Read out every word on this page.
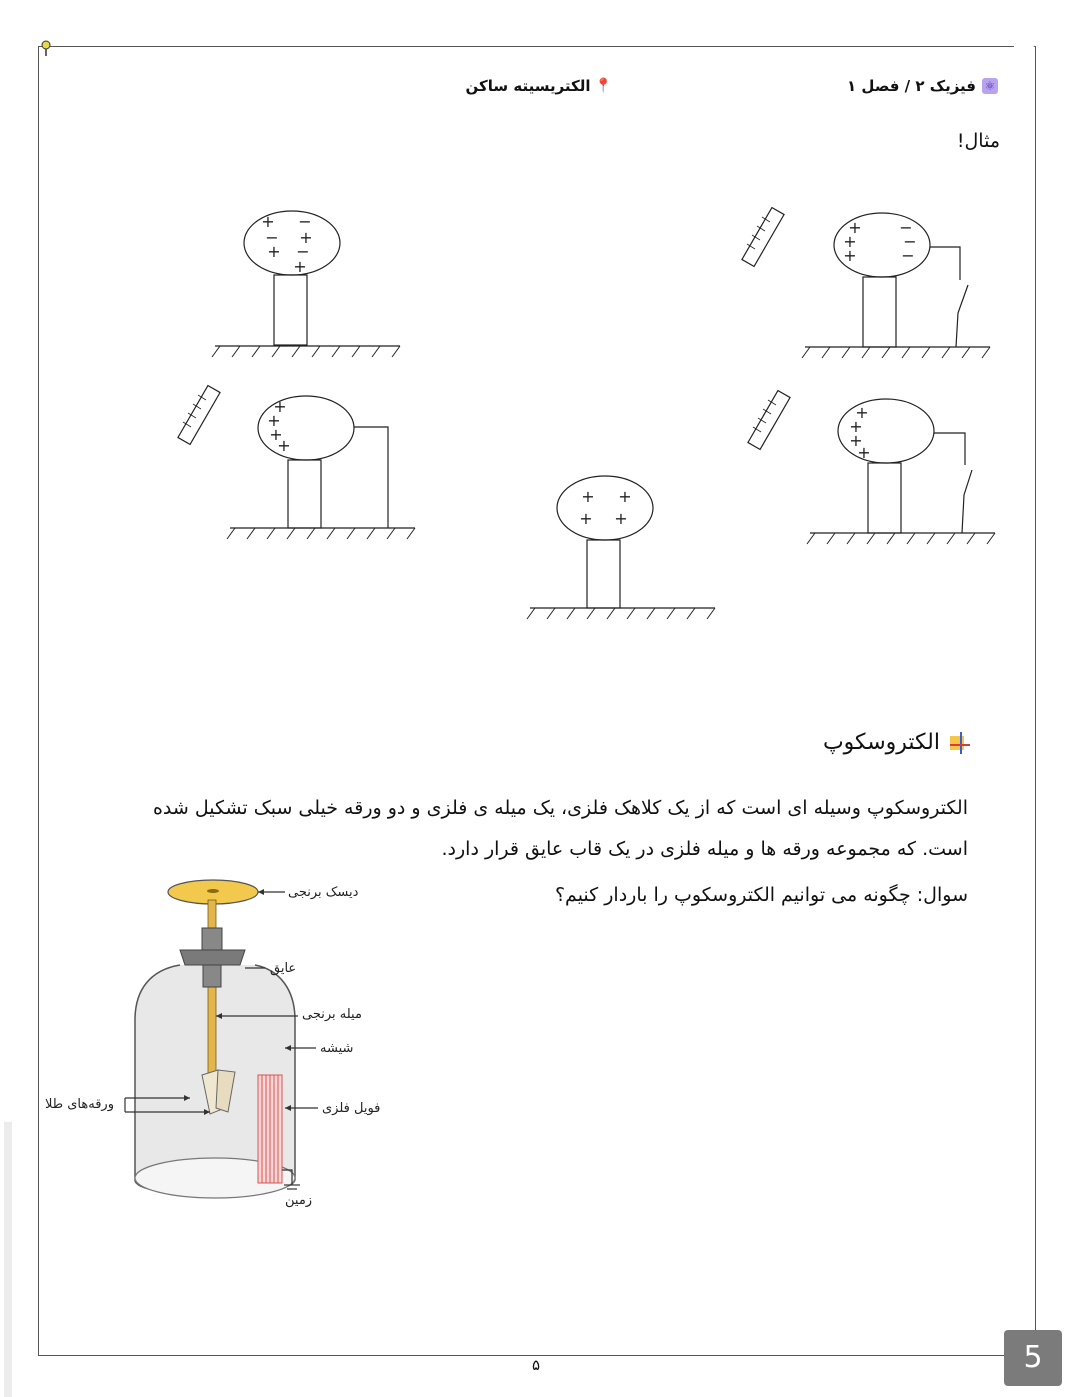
⚛
فیزیک ۲ / فصل ۱
📍
الکتریسیته ساکن
مثال!
+ −
− +
+ −
+
+
+
+
−
−
−
+
+
+
+
+ +
+ +
+
+
+
+
الکتروسکوپ
الکتروسکوپ وسیله ای است که از یک کلاهک فلزی، یک میله ی فلزی و دو ورقه خیلی سبک تشکیل شده است. که مجموعه ورقه ها و میله فلزی در یک قاب عایق قرار دارد.
سوال: چگونه می توانیم الکتروسکوپ را باردار کنیم؟
دیسک برنجی
عایق
میله برنجی
شیشه
فویل فلزی
ورقه‌های طلا
زمین
۵	5
